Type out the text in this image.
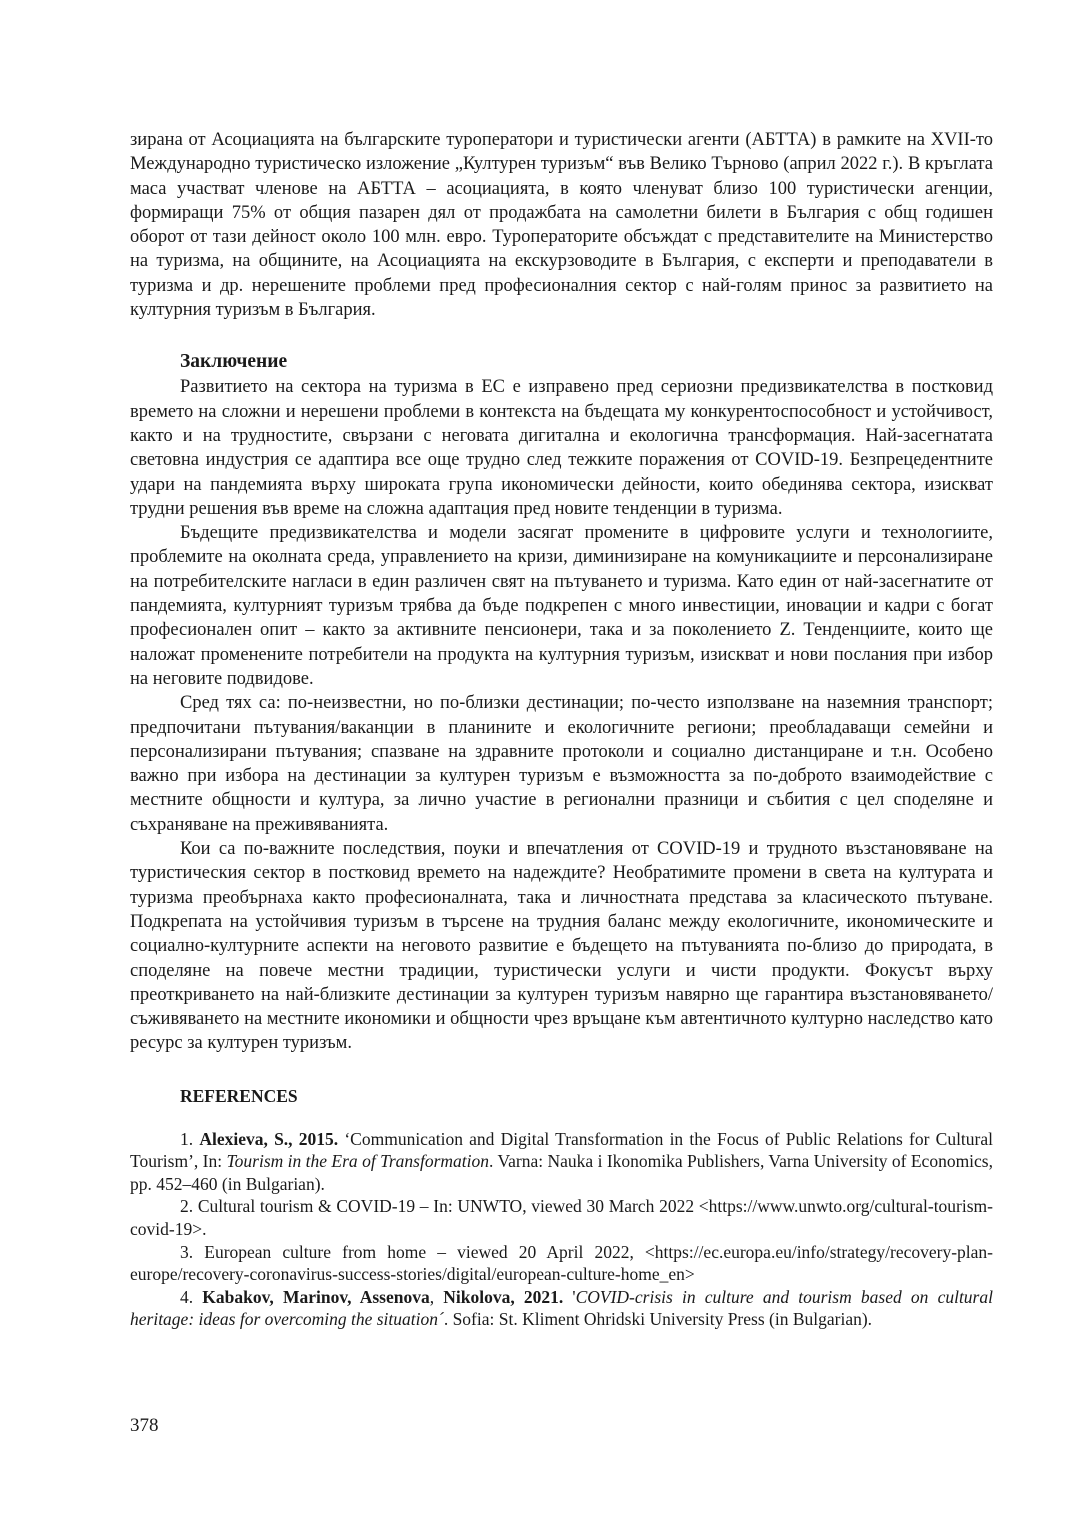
зирана от Асоциацията на българските туроператори и туристически агенти (АБТТА) в рамките на XVII-то Международно туристическо изложение „Културен туризъм“ във Велико Търново (април 2022 г.). В кръглата маса участват членове на АБТТА – асоциацията, в която членуват близо 100 туристически агенции, формиращи 75% от общия пазарен дял от продажбата на самолетни билети в България с общ годишен оборот от тази дейност около 100 млн. евро. Туроператорите обсъждат с представителите на Министерство на туризма, на общините, на Асоциацията на екскурзоводите в България, с експерти и преподаватели в туризма и др. нерешените проблеми пред професионалния сектор с най-голям принос за развитието на културния туризъм в България.

Заключение

Развитието на сектора на туризма в ЕС е изправено пред сериозни предизвикателства в постковид времето на сложни и нерешени проблеми в контекста на бъдещата му конкурентоспособност и устойчивост, както и на трудностите, свързани с неговата дигитална и екологична трансформация. Най-засегнатата световна индустрия се адаптира все още трудно след тежките поражения от COVID-19. Безпрецедентните удари на пандемията върху широката група икономически дейности, които обединява сектора, изискват трудни решения във време на сложна адаптация пред новите тенденции в туризма.

Бъдещите предизвикателства и модели засягат промените в цифровите услуги и технологиите, проблемите на околната среда, управлението на кризи, диминизиране на комуникациите и персонализиране на потребителските нагласи в един различен свят на пътуването и туризма. Като един от най-засегнатите от пандемията, културният туризъм трябва да бъде подкрепен с много инвестиции, иновации и кадри с богат професионален опит – както за активните пенсионери, така и за поколението Z. Тенденциите, които ще наложат променените потребители на продукта на културния туризъм, изискват и нови послания при избор на неговите подвидове.

Сред тях са: по-неизвестни, но по-близки дестинации; по-често използване на наземния транспорт; предпочитани пътувания/ваканции в планините и екологичните региони; преобладаващи семейни и персонализирани пътувания; спазване на здравните протоколи и социално дистанциране и т.н. Особено важно при избора на дестинации за културен туризъм е възможността за по-доброто взаимодействие с местните общности и култура, за лично участие в регионални празници и събития с цел споделяне и съхраняване на преживяванията.

Кои са по-важните последствия, поуки и впечатления от COVID-19 и трудното възстановяване на туристическия сектор в постковид времето на надеждите? Необратимите промени в света на културата и туризма преобърнаха както професионалната, така и личностната представа за класическото пътуване. Подкрепата на устойчивия туризъм в търсене на трудния баланс между екологичните, икономическите и социално-културните аспекти на неговото развитие е бъдещето на пътуванията по-близо до природата, в споделяне на повече местни традиции, туристически услуги и чисти продукти. Фокусът върху преоткриването на най-близките дестинации за културен туризъм навярно ще гарантира възстановяването/съживяването на местните икономики и общности чрез връщане към автентичното културно наследство като ресурс за културен туризъм.

REFERENCES

1. Alexieva, S., 2015. ‘Communication and Digital Transformation in the Focus of Public Relations for Cultural Tourism’, In: Tourism in the Era of Transformation. Varna: Nauka i Ikonomika Publishers, Varna University of Economics, pp. 452–460 (in Bulgarian).

2. Cultural tourism & COVID-19 – In: UNWTO, viewed 30 March 2022 <https://www.unwto.org/cultural-tourism-covid-19>.

3. European culture from home – viewed 20 April 2022, <https://ec.europa.eu/info/strategy/recovery-plan-europe/recovery-coronavirus-success-stories/digital/european-culture-home_en>

4. Kabakov, Marinov, Assenova, Nikolova, 2021. 'COVID-crisis in culture and tourism based on cultural heritage: ideas for overcoming the situation´. Sofia: St. Kliment Ohridski University Press (in Bulgarian).

378
